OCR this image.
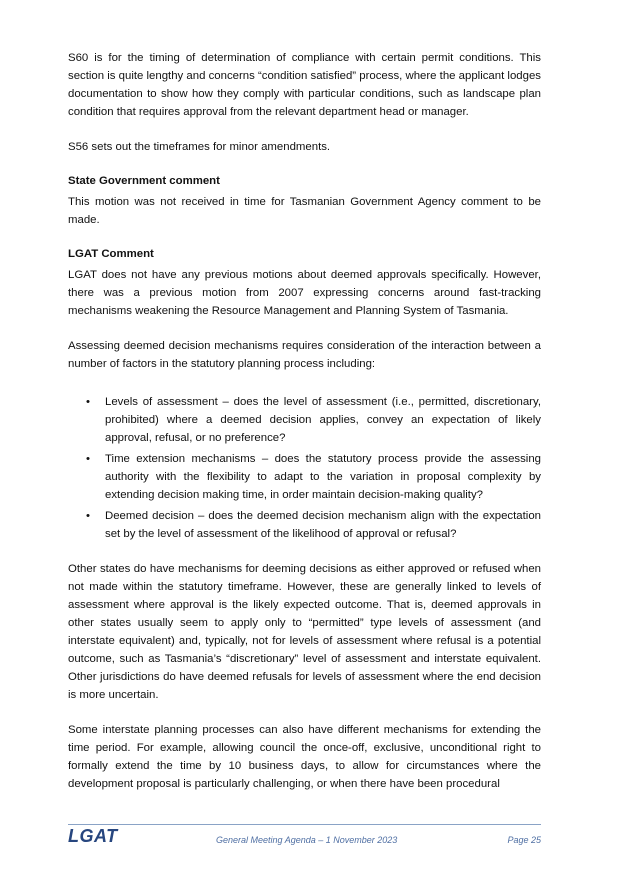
S60 is for the timing of determination of compliance with certain permit conditions. This section is quite lengthy and concerns “condition satisfied” process, where the applicant lodges documentation to show how they comply with particular conditions, such as landscape plan condition that requires approval from the relevant department head or manager.

S56 sets out the timeframes for minor amendments.

State Government comment

This motion was not received in time for Tasmanian Government Agency comment to be made.

LGAT Comment

LGAT does not have any previous motions about deemed approvals specifically. However, there was a previous motion from 2007 expressing concerns around fast-tracking mechanisms weakening the Resource Management and Planning System of Tasmania.

Assessing deemed decision mechanisms requires consideration of the interaction between a number of factors in the statutory planning process including:

• Levels of assessment – does the level of assessment (i.e., permitted, discretionary, prohibited) where a deemed decision applies, convey an expectation of likely approval, refusal, or no preference?
• Time extension mechanisms – does the statutory process provide the assessing authority with the flexibility to adapt to the variation in proposal complexity by extending decision making time, in order maintain decision-making quality?
• Deemed decision – does the deemed decision mechanism align with the expectation set by the level of assessment of the likelihood of approval or refusal?

Other states do have mechanisms for deeming decisions as either approved or refused when not made within the statutory timeframe. However, these are generally linked to levels of assessment where approval is the likely expected outcome. That is, deemed approvals in other states usually seem to apply only to “permitted” type levels of assessment (and interstate equivalent) and, typically, not for levels of assessment where refusal is a potential outcome, such as Tasmania’s “discretionary” level of assessment and interstate equivalent. Other jurisdictions do have deemed refusals for levels of assessment where the end decision is more uncertain.

Some interstate planning processes can also have different mechanisms for extending the time period. For example, allowing council the once-off, exclusive, unconditional right to formally extend the time by 10 business days, to allow for circumstances where the development proposal is particularly challenging, or when there have been procedural

LGAT	General Meeting Agenda – 1 November 2023	Page 25
